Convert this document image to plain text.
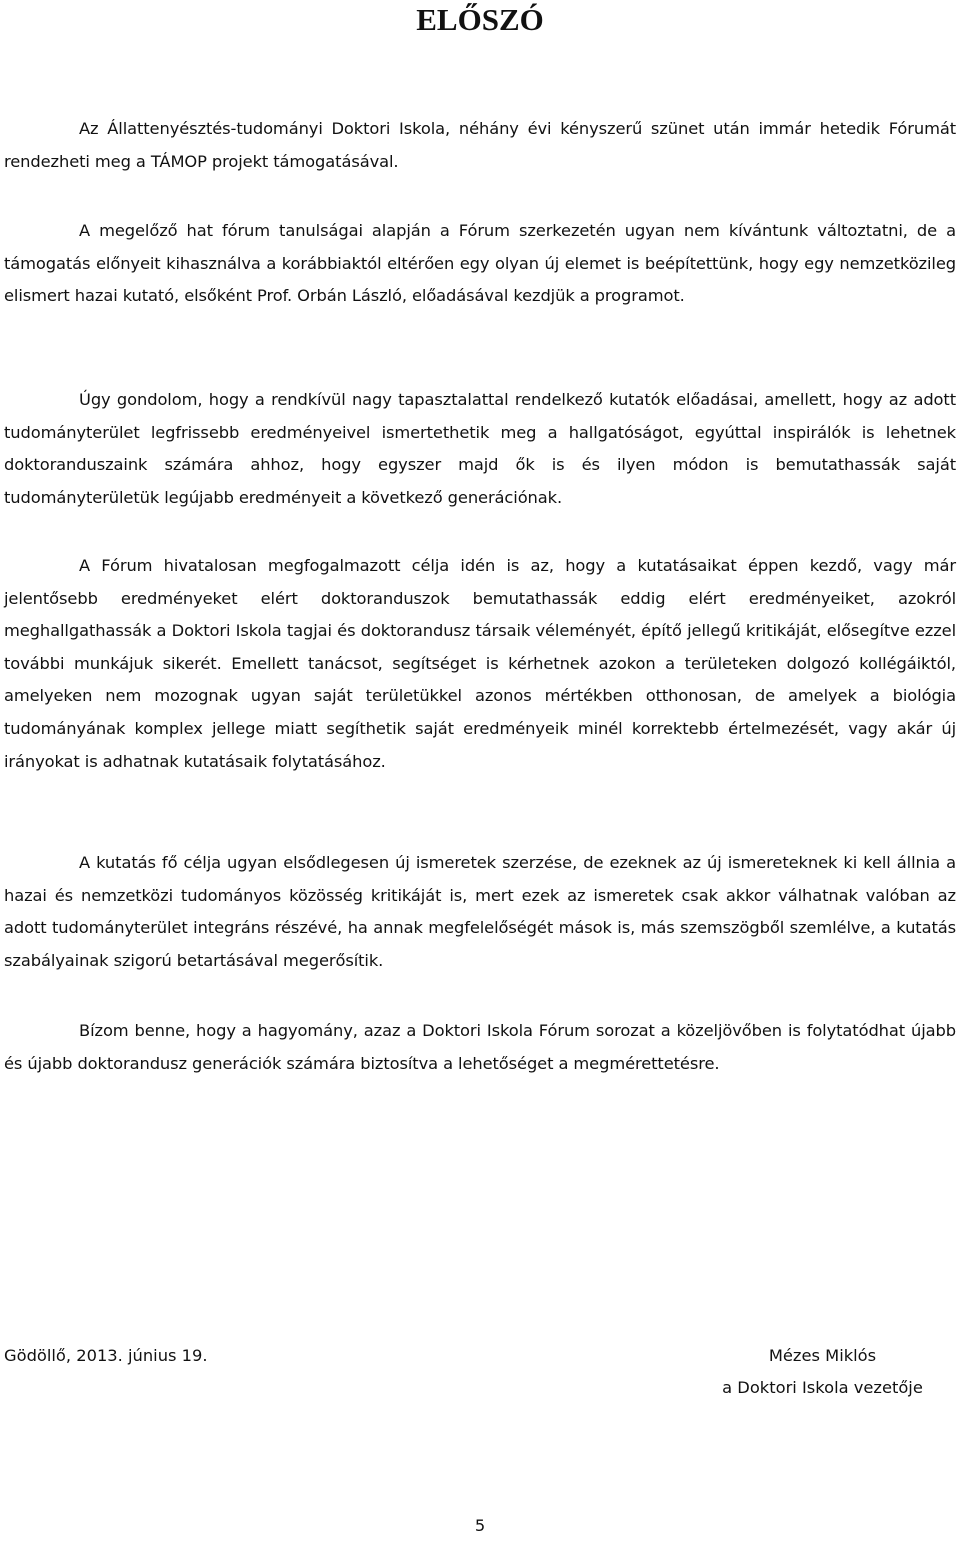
ELŐSZÓ

Az Állattenyésztés-tudományi Doktori Iskola, néhány évi kényszerű szünet után immár hetedik Fórumát rendezheti meg a TÁMOP projekt támogatásával.

A megelőző hat fórum tanulságai alapján a Fórum szerkezetén ugyan nem kívántunk változtatni, de a támogatás előnyeit kihasználva a korábbiaktól eltérően egy olyan új elemet is beépítettünk, hogy egy nemzetközileg elismert hazai kutató, elsőként Prof. Orbán László, előadásával kezdjük a programot.

Úgy gondolom, hogy a rendkívül nagy tapasztalattal rendelkező kutatók előadásai, amellett, hogy az adott tudományterület legfrissebb eredményeivel ismertethetik meg a hallgatóságot, egyúttal inspirálók is lehetnek doktoranduszaink számára ahhoz, hogy egyszer majd ők is és ilyen módon is bemutathassák saját tudományterületük legújabb eredményeit a következő generációnak.

A Fórum hivatalosan megfogalmazott célja idén is az, hogy a kutatásaikat éppen kezdő, vagy már jelentősebb eredményeket elért doktoranduszok bemutathassák eddig elért eredményeiket, azokról meghallgathassák a Doktori Iskola tagjai és doktorandusz társaik véleményét, építő jellegű kritikáját, elősegítve ezzel további munkájuk sikerét. Emellett tanácsot, segítséget is kérhetnek azokon a területeken dolgozó kollégáiktól, amelyeken nem mozognak ugyan saját területükkel azonos mértékben otthonosan, de amelyek a biológia tudományának komplex jellege miatt segíthetik saját eredményeik minél korrektebb értelmezését, vagy akár új irányokat is adhatnak kutatásaik folytatásához.

A kutatás fő célja ugyan elsődlegesen új ismeretek szerzése, de ezeknek az új ismereteknek ki kell állnia a hazai és nemzetközi tudományos közösség kritikáját is, mert ezek az ismeretek csak akkor válhatnak valóban az adott tudományterület integráns részévé, ha annak megfelelőségét mások is, más szemszögből szemlélve, a kutatás szabályainak szigorú betartásával megerősítik.

Bízom benne, hogy a hagyomány, azaz a Doktori Iskola Fórum sorozat a közeljövőben is folytatódhat újabb és újabb doktorandusz generációk számára biztosítva a lehetőséget a megmérettetésre.

Gödöllő, 2013. június 19.	Mézes Miklós
a Doktori Iskola vezetője
5
